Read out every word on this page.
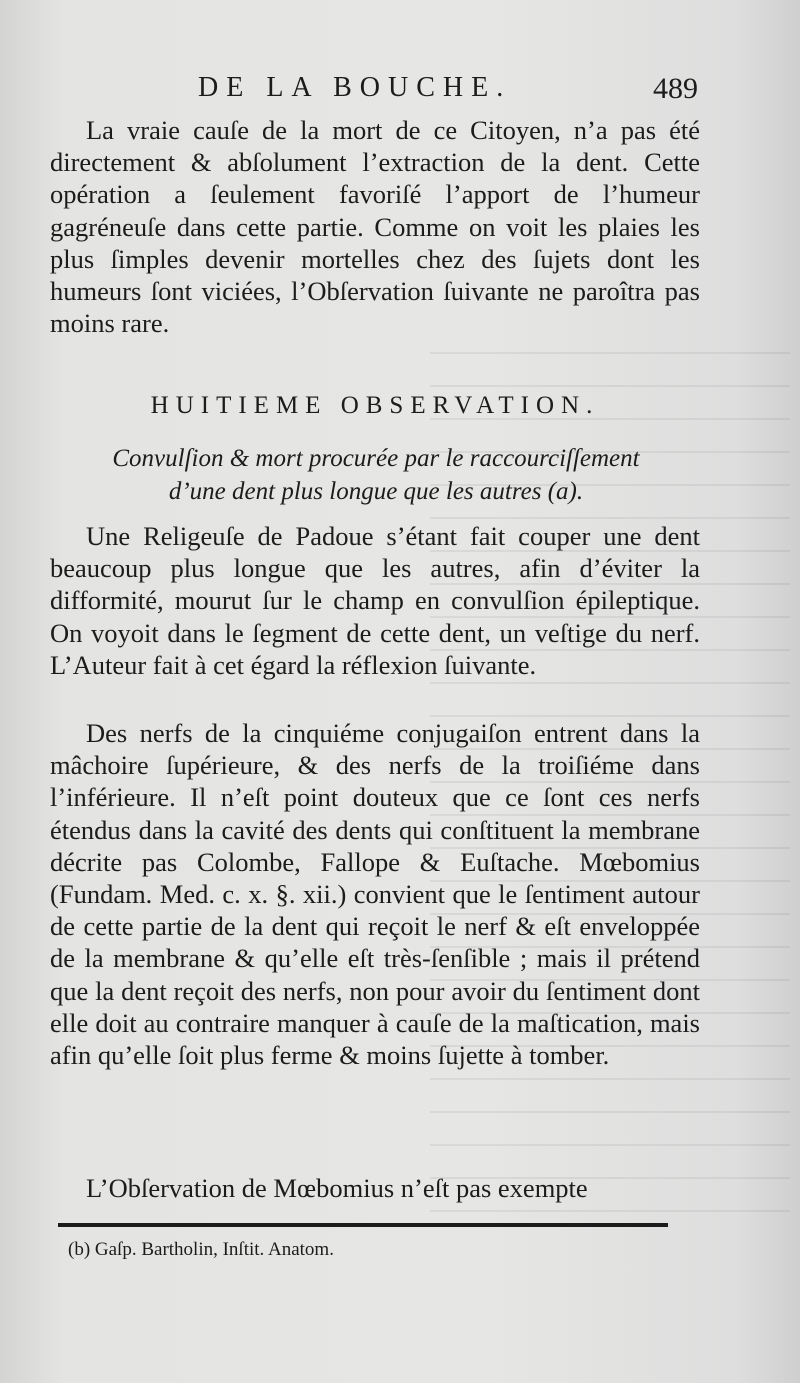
DE LA BOUCHE.	489

La vraie cauſe de la mort de ce Citoyen, n’a pas été directement & abſolument l’extraction de la dent. Cette opération a ſeulement favoriſé l’apport de l’humeur gagréneuſe dans cette partie. Comme on voit les plaies les plus ſimples devenir mortelles chez des ſujets dont les humeurs ſont viciées, l’Obſervation ſuivante ne paroîtra pas moins rare.

HUITIEME OBSERVATION.
Convulſion & mort procurée par le raccourciſſement
d’une dent plus longue que les autres (a).

Une Religeuſe de Padoue s’étant fait couper une dent beaucoup plus longue que les autres, afin d’éviter la difformité, mourut ſur le champ en convulſion épileptique. On voyoit dans le ſegment de cette dent, un veſtige du nerf. L’Auteur fait à cet égard la réflexion ſuivante.

Des nerfs de la cinquiéme conjugaiſon entrent dans la mâchoire ſupérieure, & des nerfs de la troiſiéme dans l’inférieure. Il n’eſt point douteux que ce ſont ces nerfs étendus dans la cavité des dents qui conſtituent la membrane décrite pas Colombe, Fallope & Euſtache. Mœbomius (Fundam. Med. c. x. §. xii.) convient que le ſentiment autour de cette partie de la dent qui reçoit le nerf & eſt enveloppée de la membrane & qu’elle eſt très-ſenſible ; mais il prétend que la dent reçoit des nerfs, non pour avoir du ſentiment dont elle doit au contraire manquer à cauſe de la maſtication, mais afin qu’elle ſoit plus ferme & moins ſujette à tomber.

L’Obſervation de Mœbomius n’eſt pas exempte

(b) Gaſp. Bartholin, Inſtit. Anatom.
